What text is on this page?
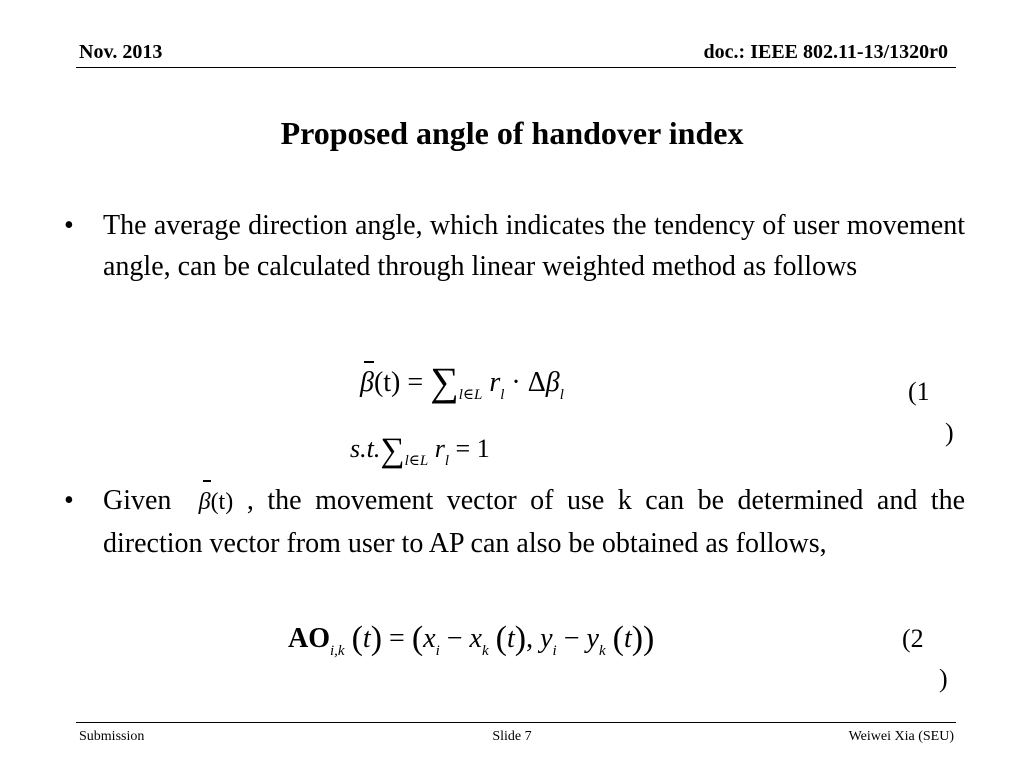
Nov. 2013	doc.: IEEE 802.11-13/1320r0
Proposed angle of handover index
• The average direction angle, which indicates the tendency of user movement angle, can be calculated through linear weighted method as follows
$\beta(t) = \sum_{l\in L}$ $r_l \cdot \Delta\beta_l$	(1
)
$s.t.\sum_{l\in L}$ $r_l = 1$
• Given β(t) , the movement vector of use k can be determined and the direction vector from user to AP can also be obtained as follows,
$AO_{i,k}$ $(t) = (x_i - x_k$ (t), $y_i - y_k$ (t))	(2
)
Submission	Slide 7	Weiwei Xia (SEU)
